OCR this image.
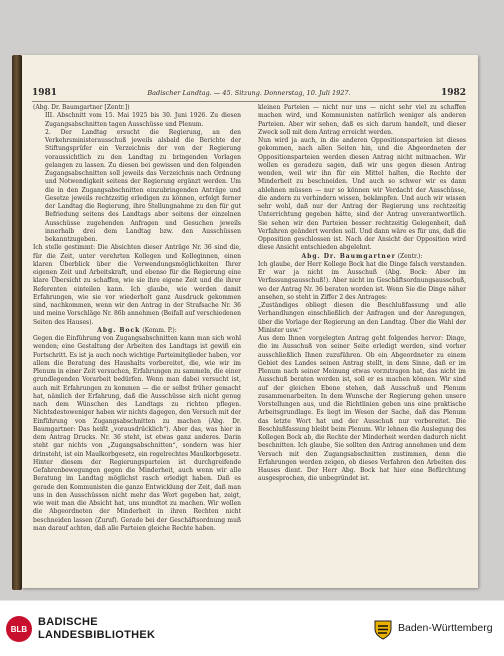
1981	Badischer Landtag. — 45. Sitzung. Donnerstag, 10. Juli 1927.	1982

(Abg. Dr. Baumgartner [Zentr.])

III. Abschnitt vom 15. Mai 1925 bis 30. Juni 1926. Zu diesen Zugangsabschnitten tagen Ausschüsse und Plenum.

2. Der Landtag ersucht die Regierung, an den Verkehrsministerausschuß jeweils alsbald die Berichte der Stiftungsprüfer ein Verzeichnis der von der Regierung voraussichtlich zu den Landtag zu bringenden Vorlagen gelangen zu lassen. Zu diesen bei gewissen und den folgenden Zugangsabschnitten soll jeweils das Verzeichnis nach Ordnung und Notwendigkeit seitens der Regierung ergänzt werden. Um die in den Zugangsabschnitten einzubringenden Anträge und Gesetze jeweils rechtzeitig erledigen zu können, erfolgt ferner der Landtag die Regierung, ihre Stellungnahme zu den für gut Befriedung seitens des Landtags aber seitens der einzelnen Ausschüsse zugehenden Anfragen und Gesuchen jeweils innerhalb drei dem Landtag bzw. den Ausschüssen bekanntzugeben.

Ich stelle gestimmt: Die Absichten dieser Anträge Nr. 36 sind die, für die Zeit, unter verehrten Kollegen und Kolleginnen, einen klaren Überblick über die Verwendungsmöglichkeiten Ihrer eigenen Zeit und Arbeitskraft, und ebenso für die Regierung eine klare Übersicht zu schaffen, wie sie ihre eigene Zeit und die ihrer Referenten einteilen kann. Ich glaube, wie werden damit Erfahrungen, wie sie vor wiederholt ganz Ausdruck gekommen sind, nachkommen, wenn wir den Antrag in der Strafsache Nr. 36 und meine Vorschläge Nr. 86b annehmen (Beifall auf verschiedenen Seiten des Hauses).

Abg. Bock (Komm. P.):

Gegen die Einführung von Zugangsabschnitten kann man sich wohl wenden; eine Gestaltung der Arbeiten des Landtags ist gewiß ein Fortschritt. Es ist ja auch noch wichtige Parteimitglieder haben, vor allem die Beratung des Haushalts vorbereitet, die, wie wir im Plenum in einer Zeit versuchen, Erfahrungen zu sammeln, die einer grundlegenden Vorarbeit bedürfen. Wenn man dabei versucht ist, auch mit Erfahrungen zu kommen — die er selbst früher gemacht hat, nämlich der Erfahrung, daß die Ausschüsse sich nicht genug nach dem Wünschen des Landtags zu richten pflegen. Nichtsdestoweniger haben wir nichts dagegen, den Versuch mit der Einführung von Zugangsabschnitten zu machen (Abg. Dr. Baumgartner: Das heißt „vorausdrücklich“). Aber das, was hier in dem Antrag Drucks. Nr. 36 steht, ist etwas ganz anderes. Darin steht gar nichts von „Zugangsabschnitten“, sondern was hier drinsteht, ist ein Maulkorbgesetz, ein regelrechtes Maulkorbgesetz. Hinter diesem der Regierungsparteien ist durchgreifende Gefahrenbewegungen gegen die Minderheit, auch wenn wir alle Beratung im Landtag möglichst rasch erledigt haben. Daß es gerade den Kommunisten die ganze Entwicklung der Zeit, daß man uns in den Ausschüssen nicht mehr das Wort gegeben hat, zeigt, wie weit man die Absicht hat, uns mundtot zu machen. Wir wollen die Abgeordneten der Minderheit in ihren Rechten nicht beschneiden lassen (Zuruf). Gerade bei der Geschäftsordnung muß man darauf achten, daß alle Parteien gleiche Rechte haben.

kleinen Parteien — nicht nur uns — nicht sehr viel zu schaffen machen wird, und Kommunisten natürlich weniger als anderen Parteien. Aber wir sehen, daß es sich darum handelt, und dieser Zweck soll mit dem Antrag erreicht werden.

Nun wird ja auch, in die anderen Oppositionsparteien ist dieses gekommen, nach allen Seiten hin, und die Abgeordneten der Oppositionsparteien werden diesen Antrag nicht mitmachen. Wir wollen es geradezu sagen, daß wir uns gegen diesen Antrag wenden, weil wir ihn für ein Mittel halten, die Rechte der Minderheit zu beschneiden. Und auch so schwer wir es dann ablehnen müssen — nur so können wir Verdacht der Ausschüsse, die andern zu verhindern wissen, bekämpfen. Und auch wir wissen sehr wohl, daß nur der Antrag der Regierung uns rechtzeitig Unterrichtung gegeben hätte, sind der Antrag unverantwortlich. Sie sehen wir den Parteien besser rechtzeitig Gelegenheit, daß Verfahren geändert werden soll. Und dann wäre es für uns, daß die Opposition geschlossen ist. Nach der Ansicht der Opposition wird diese Ansicht entschieden abgelehnt.

Abg. Dr. Baumgartner (Zentr.):

Ich glaube, der Herr Kollege Bock hat die Dinge falsch verstanden. Er war ja nicht im Ausschuß (Abg. Bock: Aber im Verfassungsausschuß!). Aber nicht im Geschäftsordnungsausschuß, wo der Antrag Nr. 36 beraten worden ist. Wenn Sie die Dinge näher ansehen, so steht in Ziffer 2 des Antrages:

„Zuständiges obliegt diesen die Beschlußfassung und alle Verhandlungen einschließlich der Anfragen und der Anregungen, über die Vorlage der Regierung an den Landtag. Über die Wahl der Minister usw.“

Aus dem Ihnen vorgelegten Antrag geht folgendes hervor: Dinge, die im Ausschuß von seiner Seite erledigt werden, sind vorher ausschließlich Ihnen zuzuführen. Ob ein Abgeordneter zu einem Gebiet des Landes seinen Antrag stellt, in dem Sinne, daß er im Plenum nach seiner Meinung etwas vorzutragen hat, das nicht im Ausschuß beraten worden ist, soll er es machen können. Wir sind auf der gleichen Ebene stehen, daß Ausschuß und Plenum zusammenarbeiten. In dem Wunsche der Regierung gehen unsere Vorstellungen aus, und die Richtlinien geben uns eine praktische Arbeitsgrundlage. Es liegt im Wesen der Sache, daß das Plenum das letzte Wort hat und der Ausschuß nur vorbereitet. Die Beschlußfassung bleibt beim Plenum. Wir lehnen die Auslegung des Kollegen Bock ab, die Rechte der Minderheit werden dadurch nicht beschnitten. Ich glaube, Sie sollten den Antrag annehmen und dem Versuch mit den Zugangsabschnitten zustimmen, denn die Erfahrungen werden zeigen, ob dieses Verfahren den Arbeiten des Hauses dient. Der Herr Abg. Bock hat hier eine Befürchtung ausgesprochen, die unbegründet ist.

BLB
BADISCHE
LANDESBIBLIOTHEK
Baden-Württemberg
